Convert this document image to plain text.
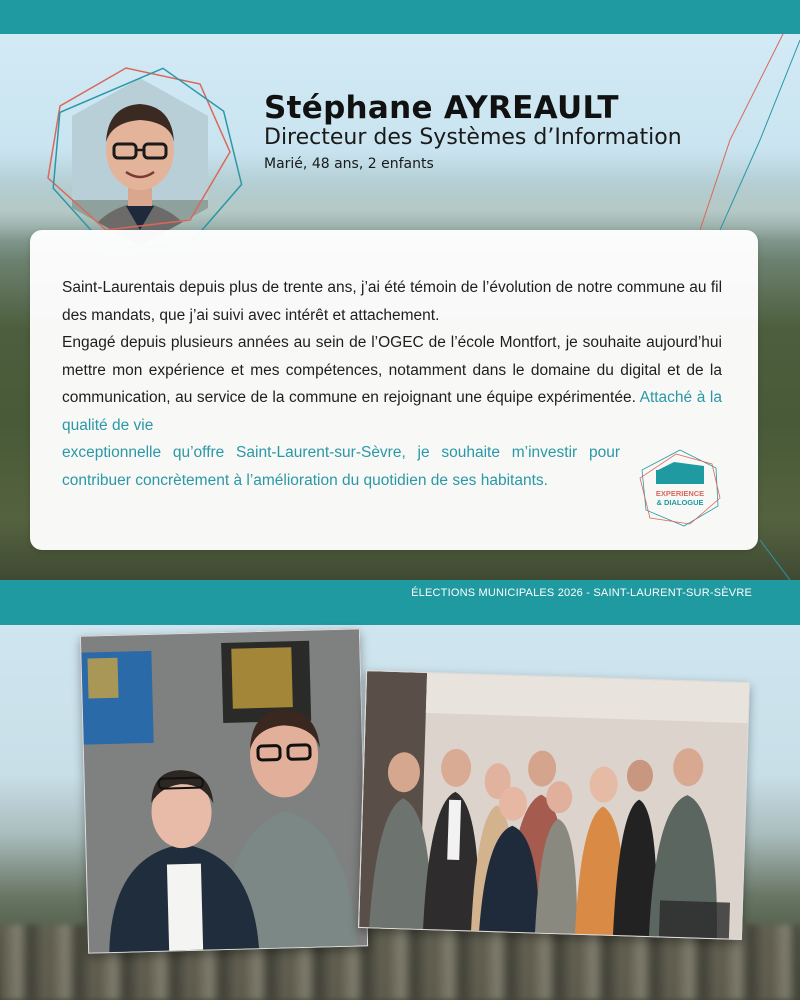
Stéphane AYREAULT
Directeur des Systèmes d’Information
Marié, 48 ans, 2 enfants

Saint-Laurentais depuis plus de trente ans, j’ai été témoin de l’évolution de notre commune au fil des mandats, que j’ai suivi avec intérêt et attachement.

Engagé depuis plusieurs années au sein de l’OGEC de l’école Montfort, je souhaite aujourd’hui mettre mon expérience et mes compétences, notamment dans le domaine du digital et de la communication, au service de la commune en rejoignant une équipe expérimentée. Attaché à la qualité de vie
exceptionnelle qu’offre Saint-Laurent-sur-Sèvre, je souhaite m’investir pour contribuer concrètement à l’amélioration du quotidien de ses habitants.

EXPERIENCE
& DIALOGUE
ÉLECTIONS MUNICIPALES 2026 - SAINT-LAURENT-SUR-SÈVRE
